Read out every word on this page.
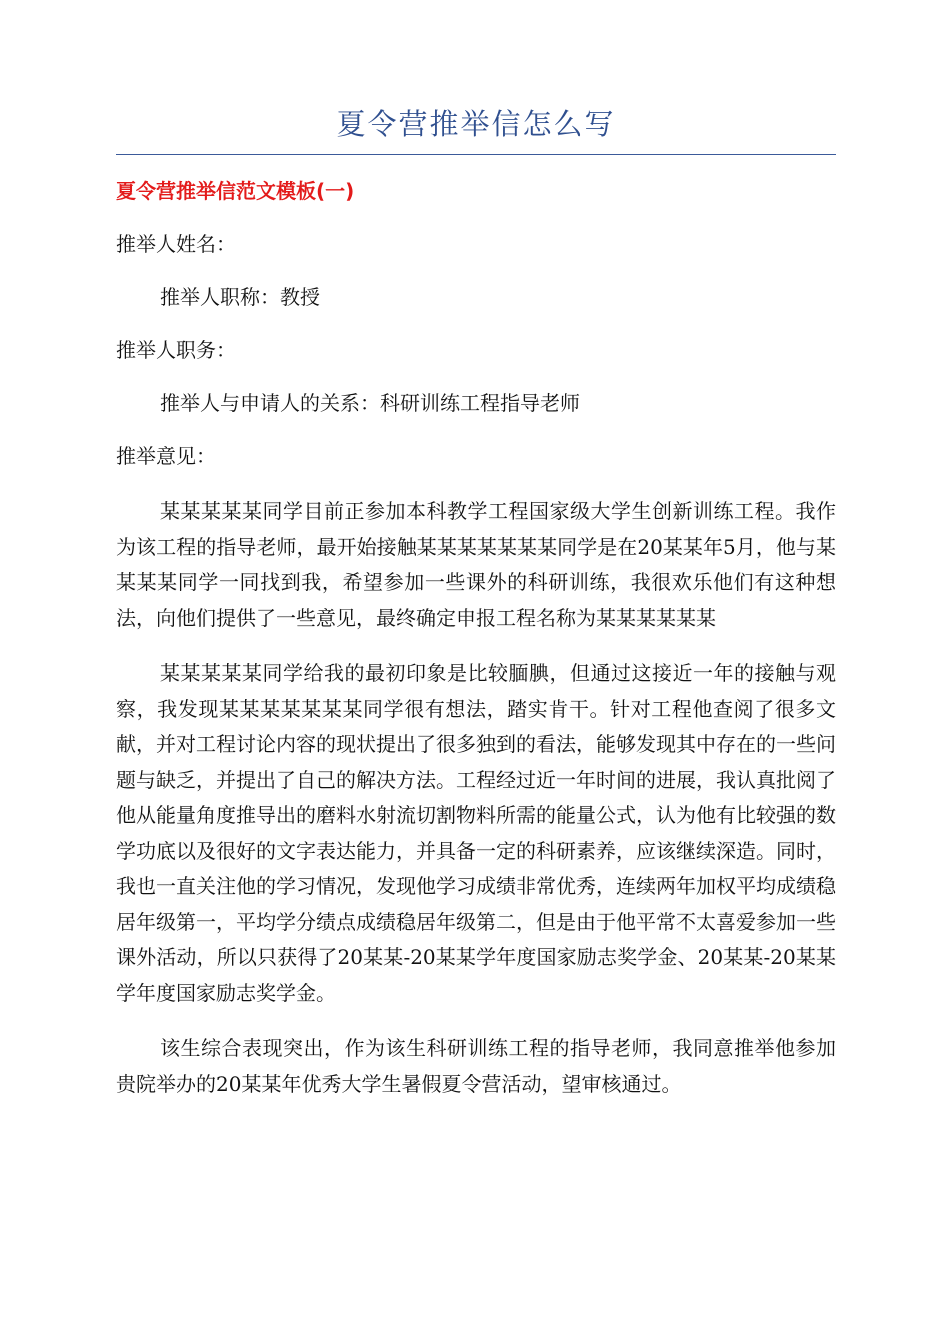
夏令营推举信怎么写
夏令营推举信范文模板(一)
推举人姓名：
推举人职称：教授
推举人职务：
推举人与申请人的关系：科研训练工程指导老师
推举意见：

某某某某某同学目前正参加本科教学工程国家级大学生创新训练工程。我作为该工程的指导老师，最开始接触某某某某某某某同学是在20某某年5月，他与某某某某同学一同找到我，希望参加一些课外的科研训练，我很欢乐他们有这种想法，向他们提供了一些意见，最终确定申报工程名称为某某某某某某

某某某某某同学给我的最初印象是比较腼腆，但通过这接近一年的接触与观察，我发现某某某某某某某同学很有想法，踏实肯干。针对工程他查阅了很多文献，并对工程讨论内容的现状提出了很多独到的看法，能够发现其中存在的一些问题与缺乏，并提出了自己的解决方法。工程经过近一年时间的进展，我认真批阅了他从能量角度推导出的磨料水射流切割物料所需的能量公式，认为他有比较强的数学功底以及很好的文字表达能力，并具备一定的科研素养，应该继续深造。同时，我也一直关注他的学习情况，发现他学习成绩非常优秀，连续两年加权平均成绩稳居年级第一，平均学分绩点成绩稳居年级第二，但是由于他平常不太喜爱参加一些课外活动，所以只获得了20某某-20某某学年度国家励志奖学金、20某某-20某某学年度国家励志奖学金。

该生综合表现突出，作为该生科研训练工程的指导老师，我同意推举他参加贵院举办的20某某年优秀大学生暑假夏令营活动，望审核通过。
